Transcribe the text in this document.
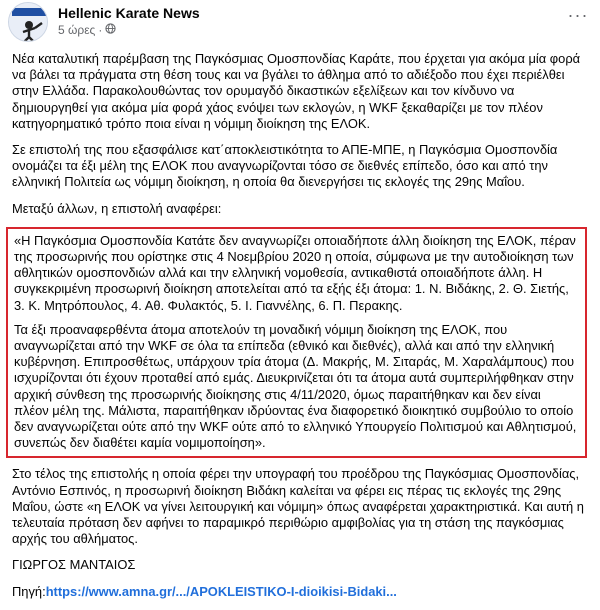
Hellenic Karate News
5 ώρες ·
···

Νέα καταλυτική παρέμβαση της Παγκόσμιας Ομοσπονδίας Καράτε, που έρχεται για ακόμα μία φορά να βάλει τα πράγματα στη θέση τους και να βγάλει το άθλημα από το αδιέξοδο που έχει περιέλθει στην Ελλάδα. Παρακολουθώντας τον ορυμαγδό δικαστικών εξελίξεων και τον κίνδυνο να δημιουργηθεί για ακόμα μία φορά χάος ενόψει των εκλογών, η WKF ξεκαθαρίζει με τον πλέον κατηγορηματικό τρόπο ποια είναι η νόμιμη διοίκηση της ΕΛΟΚ.

Σε επιστολή της που εξασφάλισε κατ΄αποκλειστικότητα το ΑΠΕ-ΜΠΕ, η Παγκόσμια Ομοσπονδία ονομάζει τα έξι μέλη της ΕΛΟΚ που αναγνωρίζονται τόσο σε διεθνές επίπεδο, όσο και από την ελληνική Πολιτεία ως νόμιμη διοίκηση, η οποία θα διενεργήσει τις εκλογές της 29ης Μαΐου.

Μεταξύ άλλων, η επιστολή αναφέρει:

«Η Παγκόσμια Ομοσπονδία Κατάτε δεν αναγνωρίζει οποιαδήποτε άλλη διοίκηση της ΕΛΟΚ, πέραν της προσωρινής που ορίστηκε στις 4 Νοεμβρίου 2020 η οποία, σύμφωνα με την αυτοδιοίκηση των αθλητικών ομοσπονδιών αλλά και την ελληνική νομοθεσία, αντικαθιστά οποιαδήποτε άλλη. Η συγκεκριμένη προσωρινή διοίκηση αποτελείται από τα εξής έξι άτομα: 1. Ν. Βιδάκης, 2. Θ. Σιετής, 3. Κ. Μητρόπουλος, 4. Αθ. Φυλακτός, 5. Ι. Γιαννέλης, 6. Π. Περακης.

Τα έξι προαναφερθέντα άτομα αποτελούν τη μοναδική νόμιμη διοίκηση της ΕΛΟΚ, που αναγνωρίζεται από την WKF σε όλα τα επίπεδα (εθνικό και διεθνές), αλλά και από την ελληνική κυβέρνηση. Επιπροσθέτως, υπάρχουν τρία άτομα (Δ. Μακρής, Μ. Σιταράς, Μ. Χαραλάμπους) που ισχυρίζονται ότι έχουν προταθεί από εμάς. Διευκρινίζεται ότι τα άτομα αυτά συμπεριλήφθηκαν στην αρχική σύνθεση της προσωρινής διοίκησης στις 4/11/2020, όμως παραιτήθηκαν και δεν είναι πλέον μέλη της. Μάλιστα, παραιτήθηκαν ιδρύοντας ένα διαφορετικό διοικητικό συμβούλιο το οποίο δεν αναγνωρίζεται ούτε από την WKF ούτε από το ελληνικό Υπουργείο Πολιτισμού και Αθλητισμού, συνεπώς δεν διαθέτει καμία νομιμοποίηση».

Στο τέλος της επιστολής η οποία φέρει την υπογραφή του προέδρου της Παγκόσμιας Ομοσπονδίας, Αντόνιο Εσπινός, η προσωρινή διοίκηση Βιδάκη καλείται να φέρει εις πέρας τις εκλογές της 29ης Μαΐου, ώστε «η ΕΛΟΚ να γίνει λειτουργική και νόμιμη» όπως αναφέρεται χαρακτηριστικά. Και αυτή η τελευταία πρόταση δεν αφήνει το παραμικρό περιθώριο αμφιβολίας για τη στάση της παγκόσμιας αρχής του αθλήματος.

ΓΙΩΡΓΟΣ ΜΑΝΤΑΙΟΣ

Πηγή:https://www.amna.gr/.../APOKLEISTIKO-I-dioikisi-Bidaki...
